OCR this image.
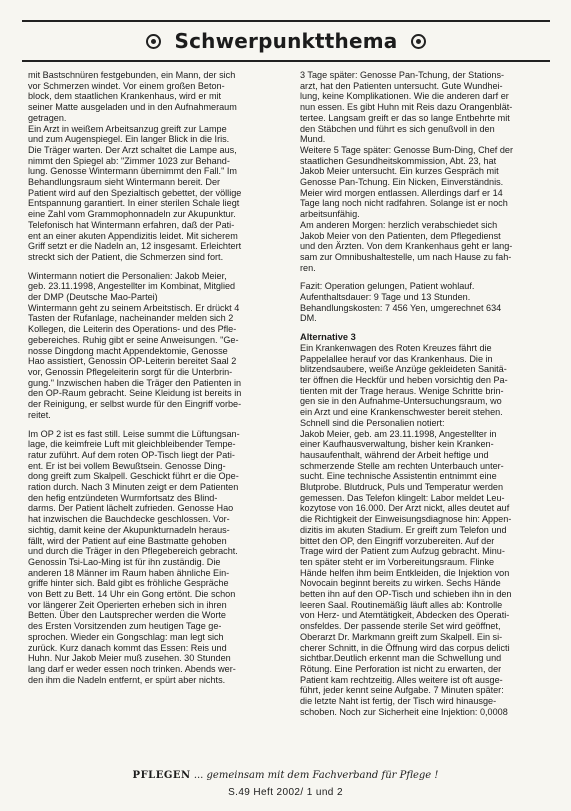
Schwerpunktthema

mit Bastschnüren festgebunden, ein Mann, der sich
vor Schmerzen windet. Vor einem großen Beton-
block, dem staatlichen Krankenhaus, wird er mit
seiner Matte ausgeladen und in den Aufnahmeraum
getragen.
Ein Arzt in weißem Arbeitsanzug greift zur Lampe
und zum Augenspiegel. Ein langer Blick in die Iris.
Die Träger warten. Der Arzt schaltet die Lampe aus,
nimmt den Spiegel ab: "Zimmer 1023 zur Behand-
lung. Genosse Wintermann übernimmt den Fall." Im
Behandlungsraum sieht Wintermann bereit. Der
Patient wird auf den Spezialtisch gebettet, der völlige
Entspannung garantiert. In einer sterilen Schale liegt
eine Zahl vom Grammophonnadeln zur Akupunktur.
Telefonisch hat Wintermann erfahren, daß der Pati-
ent an einer akuten Appendizitis leidet. Mit sicherem
Griff setzt er die Nadeln an, 12 insgesamt. Erleichtert
streckt sich der Patient, die Schmerzen sind fort.

Wintermann notiert die Personalien: Jakob Meier,
geb. 23.11.1998, Angestellter im Kombinat, Mitglied
der DMP (Deutsche Mao-Partei)
Wintermann geht zu seinem Arbeitstisch. Er drückt 4
Tasten der Rufanlage, nacheinander melden sich 2
Kollegen, die Leiterin des Operations- und des Pfle-
gebereiches. Ruhig gibt er seine Anweisungen. "Ge-
nosse Dingdong macht Appendektomie, Genosse
Hao assistiert, Genossin OP-Leiterin bereitet Saal 2
vor, Genossin Pflegeleiterin sorgt für die Unterbrin-
gung." Inzwischen haben die Träger den Patienten in
den OP-Raum gebracht. Seine Kleidung ist bereits in
der Reinigung, er selbst wurde für den Eingriff vorbe-
reitet.

Im OP 2 ist es fast still. Leise summt die Lüftungsan-
lage, die keimfreie Luft mit gleichbleibender Tempe-
ratur zuführt. Auf dem roten OP-Tisch liegt der Pati-
ent. Er ist bei vollem Bewußtsein. Genosse Ding-
dong greift zum Skalpell. Geschickt führt er die Ope-
ration durch. Nach 3 Minuten zeigt er dem Patienten
den hefig entzündeten Wurmfortsatz des Blind-
darms. Der Patient lächelt zufrieden. Genosse Hao
hat inzwischen die Bauchdecke geschlossen. Vor-
sichtig, damit keine der Akupunkturnadeln heraus-
fällt, wird der Patient auf eine Bastmatte gehoben
und durch die Träger in den Pflegebereich gebracht.
Genossin Tsi-Lao-Ming ist für ihn zuständig. Die
anderen 18 Männer im Raum haben ähnliche Ein-
griffe hinter sich. Bald gibt es fröhliche Gespräche
von Bett zu Bett. 14 Uhr ein Gong ertönt. Die schon
vor längerer Zeit Operierten erheben sich in ihren
Betten. Über den Lautsprecher werden die Worte
des Ersten Vorsitzenden zum heutigen Tage ge-
sprochen. Wieder ein Gongschlag: man legt sich
zurück. Kurz danach kommt das Essen: Reis und
Huhn. Nur Jakob Meier muß zusehen. 30 Stunden
lang darf er weder essen noch trinken. Abends wer-
den ihm die Nadeln entfernt, er spürt aber nichts.

3 Tage später: Genosse Pan-Tchung, der Stations-
arzt, hat den Patienten untersucht. Gute Wundhei-
lung, keine Komplikationen. Wie die anderen darf er
nun essen. Es gibt Huhn mit Reis dazu Orangenblät-
tertee. Langsam greift er das so lange Entbehrte mit
den Stäbchen und führt es sich genußvoll in den
Mund.
Weitere 5 Tage später: Genosse Bum-Ding, Chef der
staatlichen Gesundheitskommission, Abt. 23, hat
Jakob Meier untersucht. Ein kurzes Gespräch mit
Genosse Pan-Tchung. Ein Nicken, Einverständnis.
Meier wird morgen entlassen. Allerdings darf er 14
Tage lang noch nicht radfahren. Solange ist er noch
arbeitsunfähig.
Am anderen Morgen: herzlich verabschiedet sich
Jakob Meier von den Patienten, dem Pflegedienst
und den Ärzten. Von dem Krankenhaus geht er lang-
sam zur Omnibushaltestelle, um nach Hause zu fah-
ren.

Fazit: Operation gelungen, Patient wohlauf.
Aufenthaltsdauer: 9 Tage und 13 Stunden.
Behandlungskosten: 7 456 Yen, umgerechnet 634
DM.

Alternative 3

Ein Krankenwagen des Roten Kreuzes fährt die
Pappelallee herauf vor das Krankenhaus. Die in
blitzendsaubere, weiße Anzüge gekleideten Sanitä-
ter öffnen die Heckfür und heben vorsichtig den Pa-
tienten mit der Trage heraus. Wenige Schritte brin-
gen sie in den Aufnahme-Untersuchungsraum, wo
ein Arzt und eine Krankenschwester bereit stehen.
Schnell sind die Personalien notiert:
Jakob Meier, geb. am 23.11.1998, Angestellter in
einer Kaufhausverwaltung, bisher kein Kranken-
hausaufenthalt, während der Arbeit heftige und
schmerzende Stelle am rechten Unterbauch unter-
sucht. Eine technische Assistentin entnimmt eine
Blutprobe. Blutdruck, Puls und Temperatur werden
gemessen. Das Telefon klingelt: Labor meldet Leu-
kozytose von 16.000. Der Arzt nickt, alles deutet auf
die Richtigkeit der Einweisungsdiagnose hin: Appen-
dizitis im akuten Stadium. Er greift zum Telefon und
bittet den OP, den Eingriff vorzubereiten. Auf der
Trage wird der Patient zum Aufzug gebracht. Minu-
ten später steht er im Vorbereitungsraum. Flinke
Hände helfen ihm beim Entkleiden, die Injektion von
Novocain beginnt bereits zu wirken. Sechs Hände
betten ihn auf den OP-Tisch und schieben ihn in den
leeren Saal. Routinemäßig läuft alles ab: Kontrolle
von Herz- und Atemtätigkeit, Abdecken des Operati-
onsfeldes. Der passende sterile Set wird geöffnet,
Oberarzt Dr. Markmann greift zum Skalpell. Ein si-
cherer Schnitt, in die Öffnung wird das corpus delicti
sichtbar.Deutlich erkennt man die Schwellung und
Rötung. Eine Perforation ist nicht zu erwarten, der
Patient kam rechtzeitig. Alles weitere ist oft ausge-
führt, jeder kennt seine Aufgabe. 7 Minuten später:
die letzte Naht ist fertig, der Tisch wird hinausge-
schoben. Noch zur Sicherheit eine Injektion: 0,0008

PFLEGEN ... gemeinsam mit dem Fachverband für Pflege !
S.49 Heft 2002/ 1 und 2
